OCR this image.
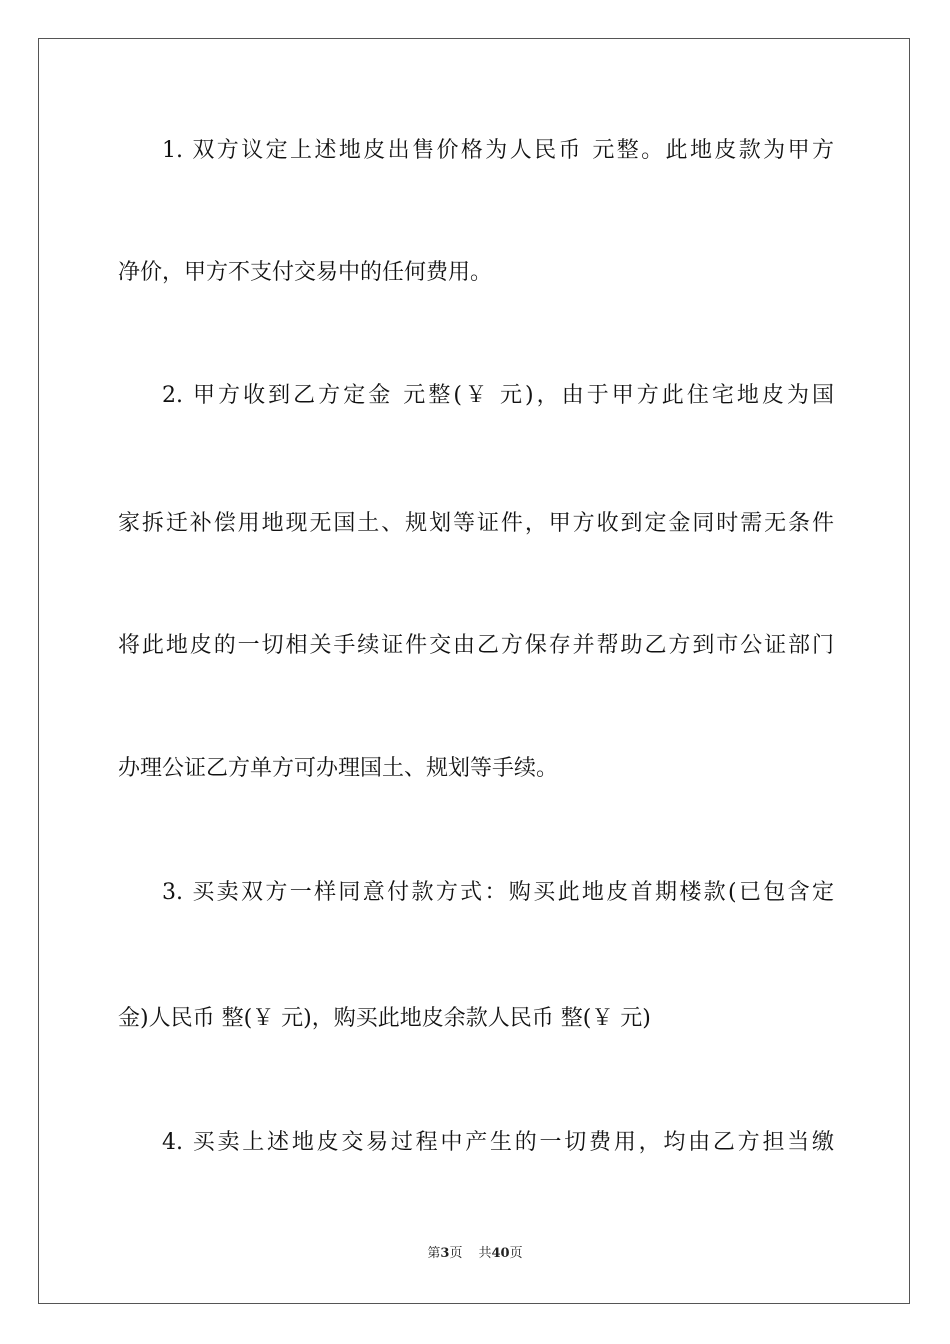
1. 双方议定上述地皮出售价格为人民币 元整。此地皮款为甲方
净价，甲方不支付交易中的任何费用。
2. 甲方收到乙方定金 元整(￥ 元)，由于甲方此住宅地皮为国
家拆迁补偿用地现无国土、规划等证件，甲方收到定金同时需无条件
将此地皮的一切相关手续证件交由乙方保存并帮助乙方到市公证部门
办理公证乙方单方可办理国土、规划等手续。
3. 买卖双方一样同意付款方式：购买此地皮首期楼款(已包含定
金)人民币 整(￥ 元)，购买此地皮余款人民币 整(￥ 元)
4. 买卖上述地皮交易过程中产生的一切费用，均由乙方担当缴
第3页 共40页
